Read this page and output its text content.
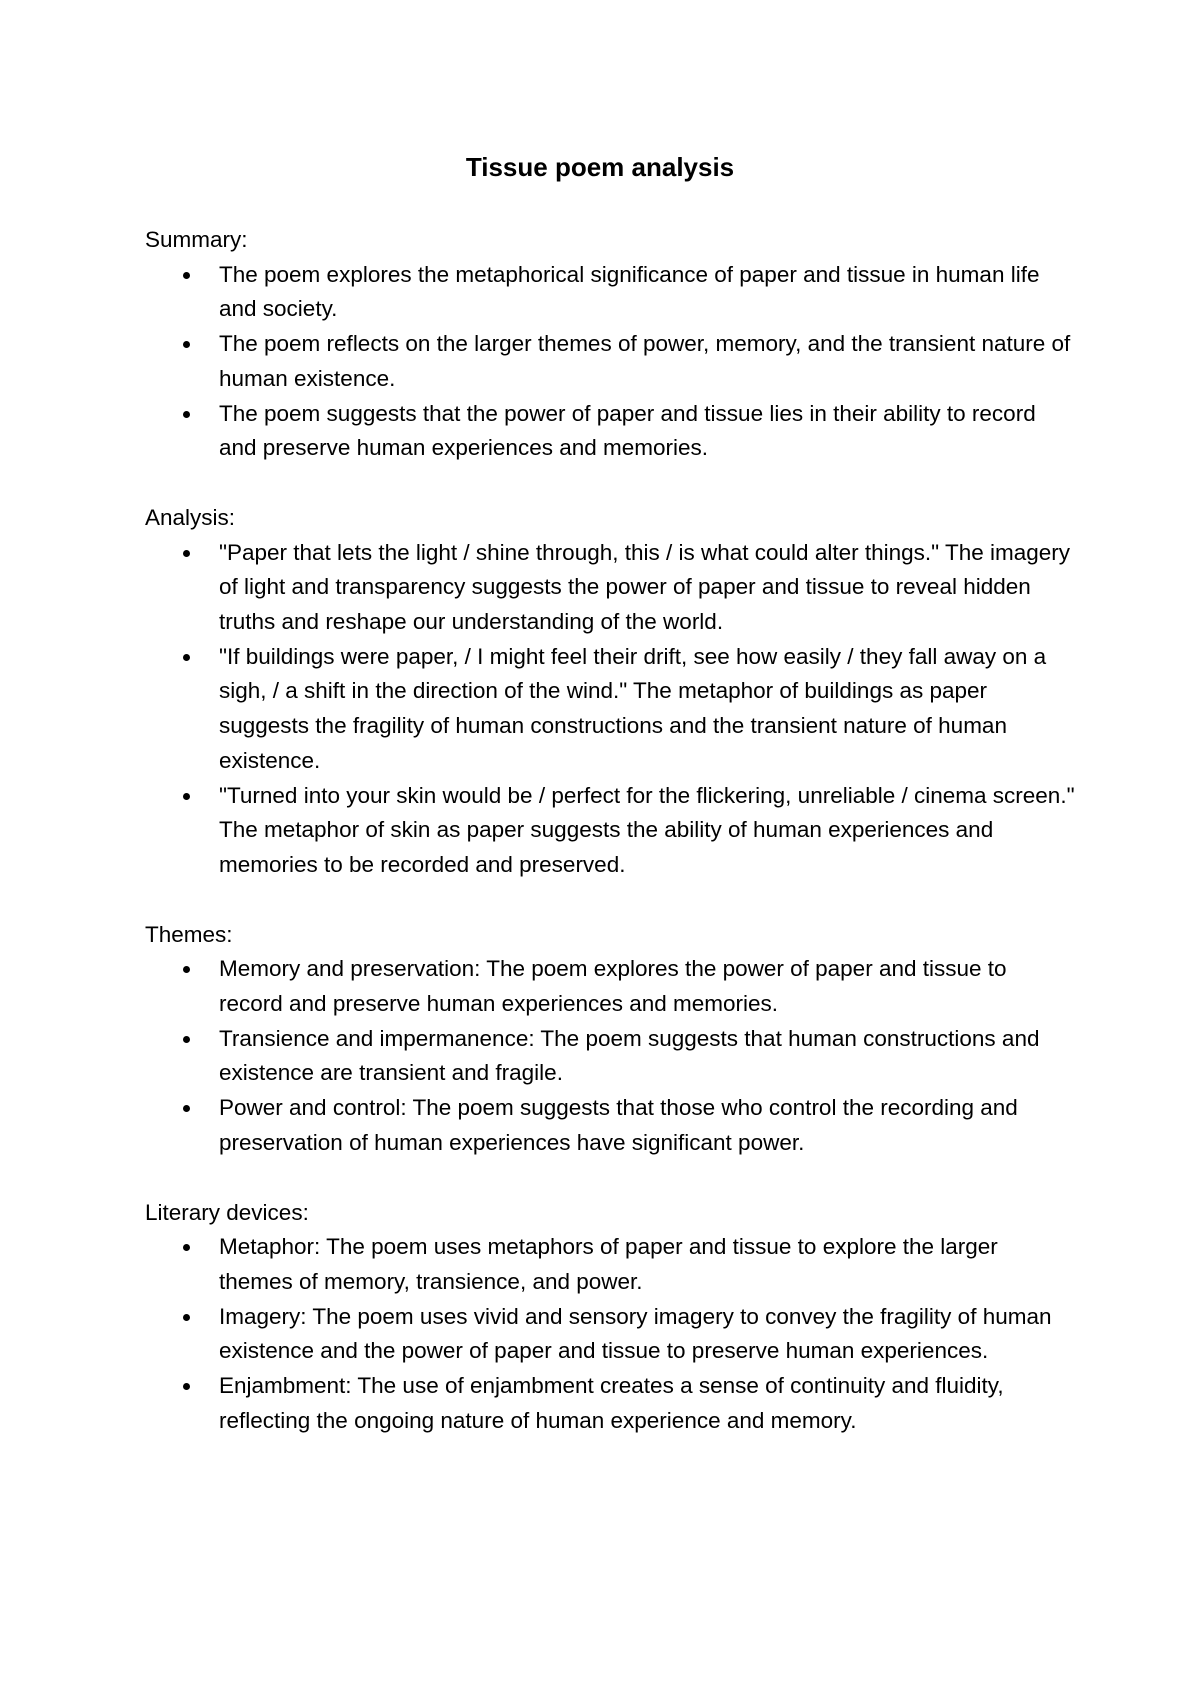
Tissue poem analysis

Summary:

The poem explores the metaphorical significance of paper and tissue in human life and society.
The poem reflects on the larger themes of power, memory, and the transient nature of human existence.
The poem suggests that the power of paper and tissue lies in their ability to record and preserve human experiences and memories.

Analysis:

"Paper that lets the light / shine through, this / is what could alter things." The imagery of light and transparency suggests the power of paper and tissue to reveal hidden truths and reshape our understanding of the world.
"If buildings were paper, / I might feel their drift, see how easily / they fall away on a sigh, / a shift in the direction of the wind." The metaphor of buildings as paper suggests the fragility of human constructions and the transient nature of human existence.
"Turned into your skin would be / perfect for the flickering, unreliable / cinema screen." The metaphor of skin as paper suggests the ability of human experiences and memories to be recorded and preserved.

Themes:

Memory and preservation: The poem explores the power of paper and tissue to record and preserve human experiences and memories.
Transience and impermanence: The poem suggests that human constructions and existence are transient and fragile.
Power and control: The poem suggests that those who control the recording and preservation of human experiences have significant power.

Literary devices:

Metaphor: The poem uses metaphors of paper and tissue to explore the larger themes of memory, transience, and power.
Imagery: The poem uses vivid and sensory imagery to convey the fragility of human existence and the power of paper and tissue to preserve human experiences.
Enjambment: The use of enjambment creates a sense of continuity and fluidity, reflecting the ongoing nature of human experience and memory.
